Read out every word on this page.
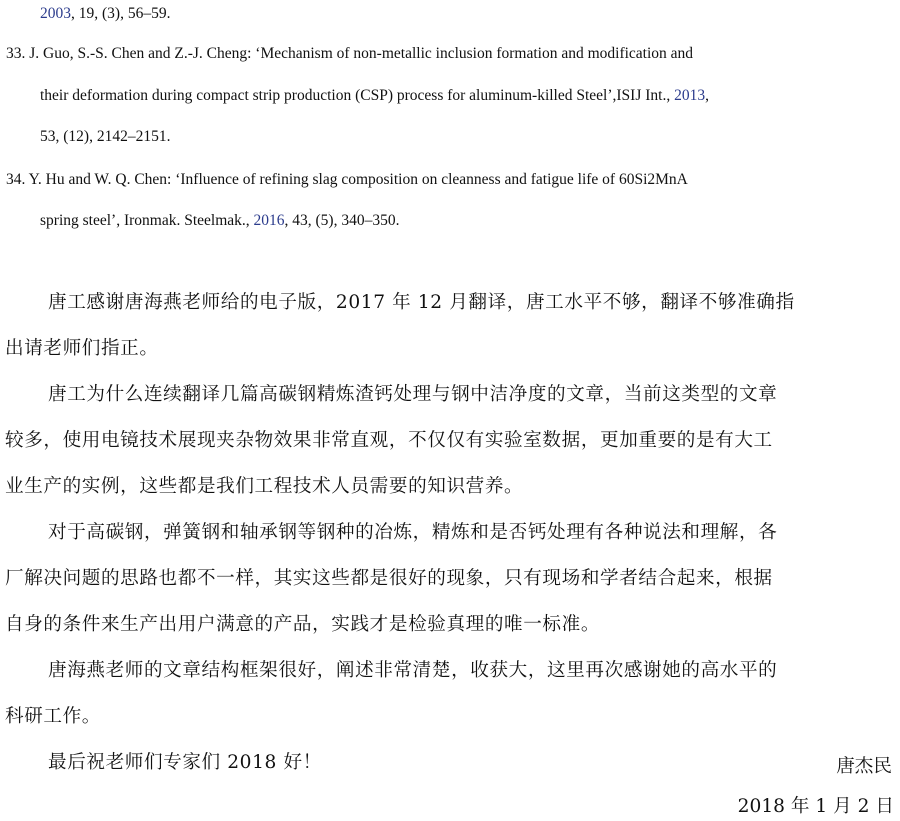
2003, 19, (3), 56–59.
33. J. Guo, S.-S. Chen and Z.-J. Cheng: ‘Mechanism of non-metallic inclusion formation and modification and
their deformation during compact strip production (CSP) process for aluminum-killed Steel’,ISIJ Int., 2013,
53, (12), 2142–2151.
34. Y. Hu and W. Q. Chen: ‘Influence of refining slag composition on cleanness and fatigue life of 60Si2MnA
spring steel’, Ironmak. Steelmak., 2016, 43, (5), 340–350.
唐工感谢唐海燕老师给的电子版，2017 年 12 月翻译，唐工水平不够，翻译不够准确指
出请老师们指正。
唐工为什么连续翻译几篇高碳钢精炼渣钙处理与钢中洁净度的文章，当前这类型的文章
较多，使用电镜技术展现夹杂物效果非常直观，不仅仅有实验室数据，更加重要的是有大工
业生产的实例，这些都是我们工程技术人员需要的知识营养。
对于高碳钢，弹簧钢和轴承钢等钢种的冶炼，精炼和是否钙处理有各种说法和理解，各
厂解决问题的思路也都不一样，其实这些都是很好的现象，只有现场和学者结合起来，根据
自身的条件来生产出用户满意的产品，实践才是检验真理的唯一标准。
唐海燕老师的文章结构框架很好，阐述非常清楚，收获大，这里再次感谢她的高水平的
科研工作。
最后祝老师们专家们 2018 好！	唐杰民
2018 年 1 月 2 日
